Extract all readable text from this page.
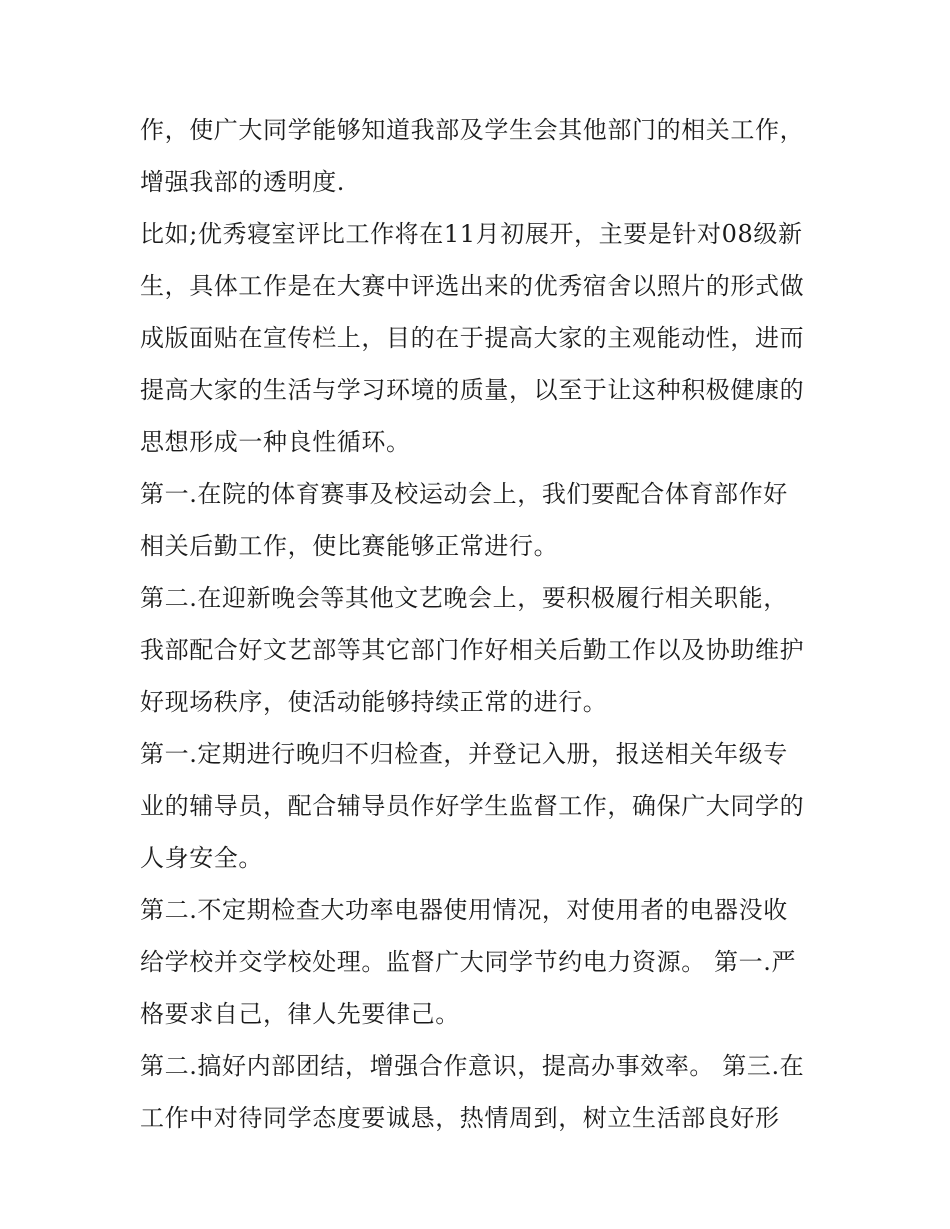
作，使广大同学能够知道我部及学生会其他部门的相关工作，
增强我部的透明度.
比如;优秀寝室评比工作将在11月初展开，主要是针对08级新
生，具体工作是在大赛中评选出来的优秀宿舍以照片的形式做
成版面贴在宣传栏上，目的在于提高大家的主观能动性，进而
提高大家的生活与学习环境的质量，以至于让这种积极健康的
思想形成一种良性循环。
第一.在院的体育赛事及校运动会上，我们要配合体育部作好
相关后勤工作，使比赛能够正常进行。
第二.在迎新晚会等其他文艺晚会上，要积极履行相关职能，
我部配合好文艺部等其它部门作好相关后勤工作以及协助维护
好现场秩序，使活动能够持续正常的进行。
第一.定期进行晚归不归检查，并登记入册，报送相关年级专
业的辅导员，配合辅导员作好学生监督工作，确保广大同学的
人身安全。
第二.不定期检查大功率电器使用情况，对使用者的电器没收
给学校并交学校处理。监督广大同学节约电力资源。 第一.严
格要求自己，律人先要律己。
第二.搞好内部团结，增强合作意识，提高办事效率。 第三.在
工作中对待同学态度要诚恳，热情周到，树立生活部良好形
